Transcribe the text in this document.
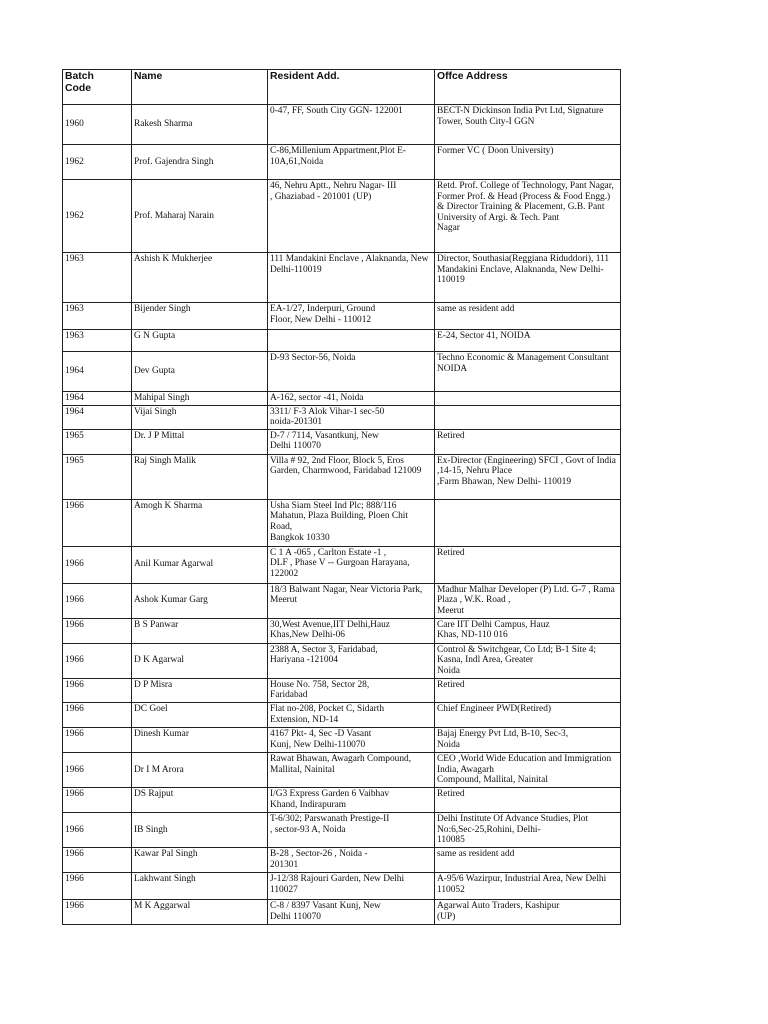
Batch
Code	Name	Resident Add.	Offce Address

1960	Rakesh Sharma	0-47, FF, South City GGN- 122001	BECT-N Dickinson India Pvt Ltd, Signature
Tower, South City-I GGN

1962	Prof. Gajendra Singh	C-86,Millenium Appartment,Plot E-
10A,61,Noida	Former VC ( Doon University)

1962	Prof. Maharaj Narain	46, Nehru Aptt., Nehru Nagar- III
, Ghaziabad - 201001 (UP)	Retd. Prof. College of Technology, Pant Nagar,
Former Prof. & Head (Process & Food Engg.)
& Director Training & Placement, G.B. Pant
University of Argi. & Tech. Pant
Nagar

1963	Ashish K Mukherjee	111 Mandakini Enclave , Alaknanda, New
Delhi-110019	Director, Southasia(Reggiana Riduddori), 111
Mandakini Enclave, Alaknanda, New Delhi-
110019

1963	Bijender Singh	EA-1/27, Inderpuri, Ground
Floor, New Delhi - 110012	same as resident add

1963	G N Gupta		E-24, Sector 41, NOIDA

1964	Dev Gupta	D-93 Sector-56, Noida	Techno Economic & Management Consultant
NOIDA

1964	Mahipal Singh	A-162, sector -41, Noida	

1964	Vijai Singh	3311/ F-3 Alok Vihar-1 sec-50
noida-201301	

1965	Dr. J P Mittal	D-7 / 7114, Vasantkunj, New
Delhi 110070	Retired

1965	Raj Singh Malik	Villa # 92, 2nd Floor, Block 5, Eros
Garden, Charmwood, Faridabad 121009	Ex-Director (Engineering) SFCI , Govt of India
,14-15, Nehru Place
,Farm Bhawan, New Delhi- 110019

1966	Amogh K Sharma	Usha Siam Steel Ind Plc; 888/116
Mahatun, Plaza Building, Ploen Chit
Road,
Bangkok 10330	

1966	Anil Kumar Agarwal	C 1 A -065 , Carlton Estate -1 ,
DLF , Phase V -- Gurgoan Harayana,
122002	Retired

1966	Ashok Kumar Garg	18/3 Balwant Nagar, Near Victoria Park,
Meerut	Madhur Malhar Developer (P) Ltd. G-7 , Rama
Plaza , W.K. Road ,
Meerut

1966	B S Panwar	30,West Avenue,IIT Delhi,Hauz
Khas,New Delhi-06	Care IIT Delhi Campus, Hauz
Khas, ND-110 016

1966	D K Agarwal	2388 A, Sector 3, Faridabad,
Hariyana -121004	Control & Switchgear, Co Ltd; B-1 Site 4;
Kasna, Indl Area, Greater
Noida

1966	D P Misra	House No. 758, Sector 28,
Faridabad	Retired

1966	DC Goel	Flat no-208, Pocket C, Sidarth
Extension, ND-14	Chief Engineer PWD(Retired)

1966	Dinesh Kumar	4167 Pkt- 4, Sec -D Vasant
Kunj, New Delhi-110070	Bajaj Energy Pvt Ltd, B-10, Sec-3,
Noida

1966	Dr I M Arora	Rawat Bhawan, Awagarh Compound,
Mallital, Nainital	CEO ,World Wide Education and Immigration
India, Awagarh
Compound, Mallital, Nainital

1966	DS Rajput	I/G3 Express Garden 6 Vaibhav
Khand, Indirapuram	Retired

1966	IB Singh	T-6/302; Parswanath Prestige-II
, sector-93 A, Noida	Delhi Institute Of Advance Studies, Plot
No:6,Sec-25,Rohini, Delhi-
110085

1966	Kawar Pal Singh	B-28 , Sector-26 , Noida -
201301	same as resident add

1966	Lakhwant Singh	J-12/38 Rajouri Garden, New Delhi
110027	A-95/6 Wazirpur, Industrial Area, New Delhi
110052

1966	M K Aggarwal	C-8 / 8397 Vasant Kunj, New
Delhi 110070	Agarwal Auto Traders, Kashipur
(UP)
